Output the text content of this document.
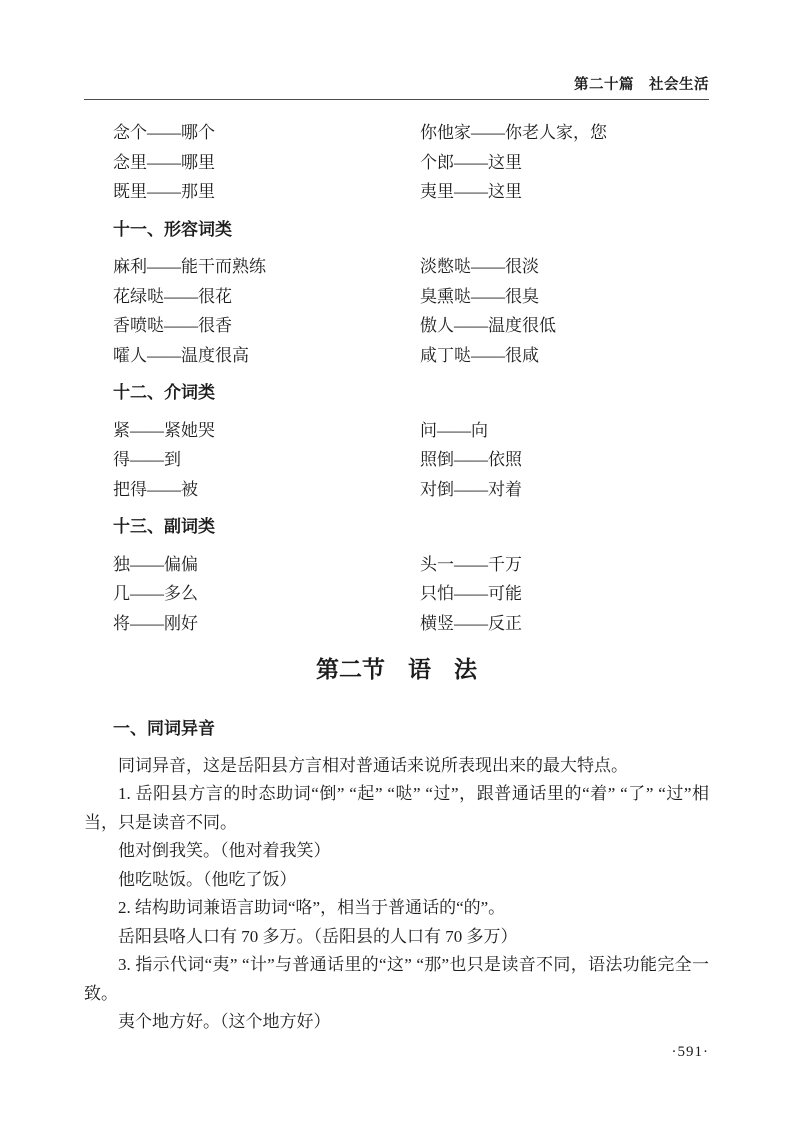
第二十篇　社会生活
念个——哪个	你他家——你老人家，您
念里——哪里	个郎——这里
既里——那里	夷里——这里
十一、形容词类
麻利——能干而熟练	淡憋哒——很淡
花绿哒——很花	臭熏哒——很臭
香喷哒——很香	傲人——温度很低
嚯人——温度很高	咸丁哒——很咸
十二、介词类
紧——紧她哭	问——向
得——到	照倒——依照
把得——被	对倒——对着
十三、副词类
独——偏偏	头一——千万
几——多么	只怕——可能
将——刚好	横竖——反正
第二节　语　法
一、同词异音

同词异音，这是岳阳县方言相对普通话来说所表现出来的最大特点。

1. 岳阳县方言的时态助词“倒” “起” “哒” “过”，跟普通话里的“着” “了” “过”相当，只是读音不同。

他对倒我笑。（他对着我笑）

他吃哒饭。（他吃了饭）

2. 结构助词兼语言助词“咯”，相当于普通话的“的”。

岳阳县咯人口有 70 多万。（岳阳县的人口有 70 多万）

3. 指示代词“夷” “计”与普通话里的“这” “那”也只是读音不同，语法功能完全一致。

夷个地方好。（这个地方好）

·591·
